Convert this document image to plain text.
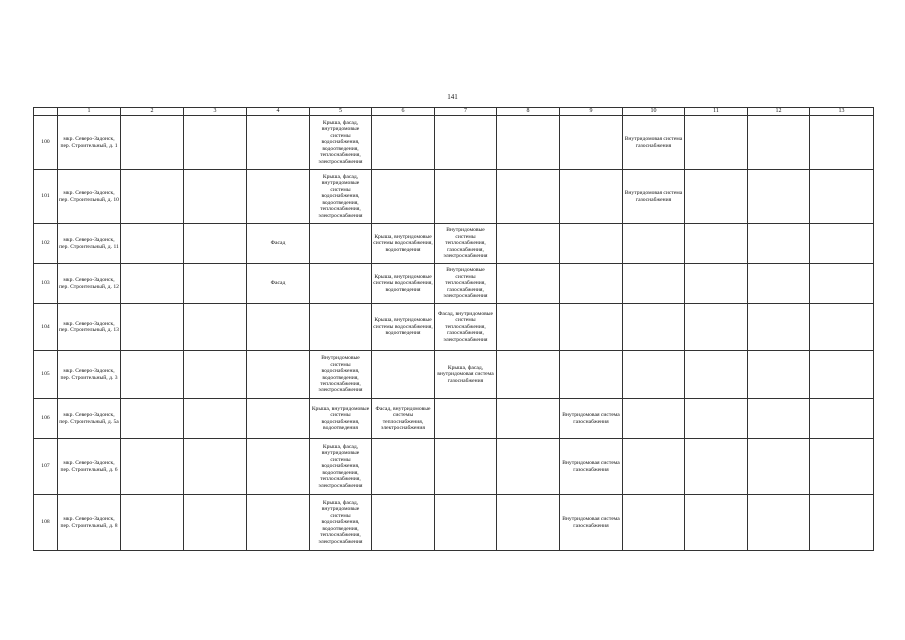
141
	1	2	3	4	5	6	7	8	9	10	11	12	13
100	мкр. Северо-Задонск, пер. Строительный, д. 1				Крыша, фасад, внутридомовые системы водоснабжения, водоотведения, теплоснабжения, электроснабжения					Внутридомовая система газоснабжения			
101	мкр. Северо-Задонск, пер. Строительный, д. 10				Крыша, фасад, внутридомовые системы водоснабжения, водоотведения, теплоснабжения, электроснабжения					Внутридомовая система газоснабжения			
102	мкр. Северо-Задонск, пер. Строительный, д. 11			Фасад		Крыша, внутридомовые системы водоснабжения, водоотведения	Внутридомовые системы теплоснабжения, газоснабжения, электроснабжения						
103	мкр. Северо-Задонск, пер. Строительный, д. 12			Фасад		Крыша, внутридомовые системы водоснабжения, водоотведения	Внутридомовые системы теплоснабжения, газоснабжения, электроснабжения						
104	мкр. Северо-Задонск, пер. Строительный, д. 13					Крыша, внутридомовые системы водоснабжения, водоотведения	Фасад, внутридомовые системы теплоснабжения, газоснабжения, электроснабжения						
105	мкр. Северо-Задонск, пер. Строительный, д. 3				Внутридомовые системы водоснабжения, водоотведения, теплоснабжения, электроснабжения		Крыша, фасад, внутридомовая система газоснабжения						
106	мкр. Северо-Задонск, пер. Строительный, д. 5а				Крыша, внутридомовые системы водоснабжения, водоотведения	Фасад, внутридомовые системы теплоснабжения, электроснабжения			Внутридомовая система газоснабжения				
107	мкр. Северо-Задонск, пер. Строительный, д. 6				Крыша, фасад, внутридомовые системы водоснабжения, водоотведения, теплоснабжения, электроснабжения				Внутридомовая система газоснабжения				
108	мкр. Северо-Задонск, пер. Строительный, д. 8				Крыша, фасад, внутридомовые системы водоснабжения, водоотведения, теплоснабжения, электроснабжения				Внутридомовая система газоснабжения				
